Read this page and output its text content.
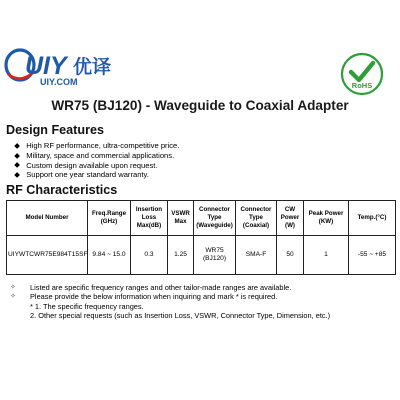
UIY 优译
UIY.COM	RoHS
WR75 (BJ120) - Waveguide to Coaxial Adapter
Design Features
High RF performance, ultra-competitive price.
Military, space and commercial applications.
Custom design available upon request.
Support one year standard warranty.
RF Characteristics
Model Number	Freq.Range (GHz)	Insertion Loss Max(dB)	VSWR Max	Connector Type (Waveguide)	Connector Type (Coaxial)	CW Power (W)	Peak Power (KW)	Temp.(°C)
UIYWTCWR75E984T15SF	9.84 ~ 15.0	0.3	1.25	WR75 (BJ120)	SMA-F	50	1	-55 ~ +85
✧	Listed are specific frequency ranges and other tailor-made ranges are available.
✧	Please provide the below information when inquiring and mark * is required.
* 1. The specific frequency ranges.
2. Other special requests (such as Insertion Loss, VSWR, Connector Type, Dimension, etc.)
